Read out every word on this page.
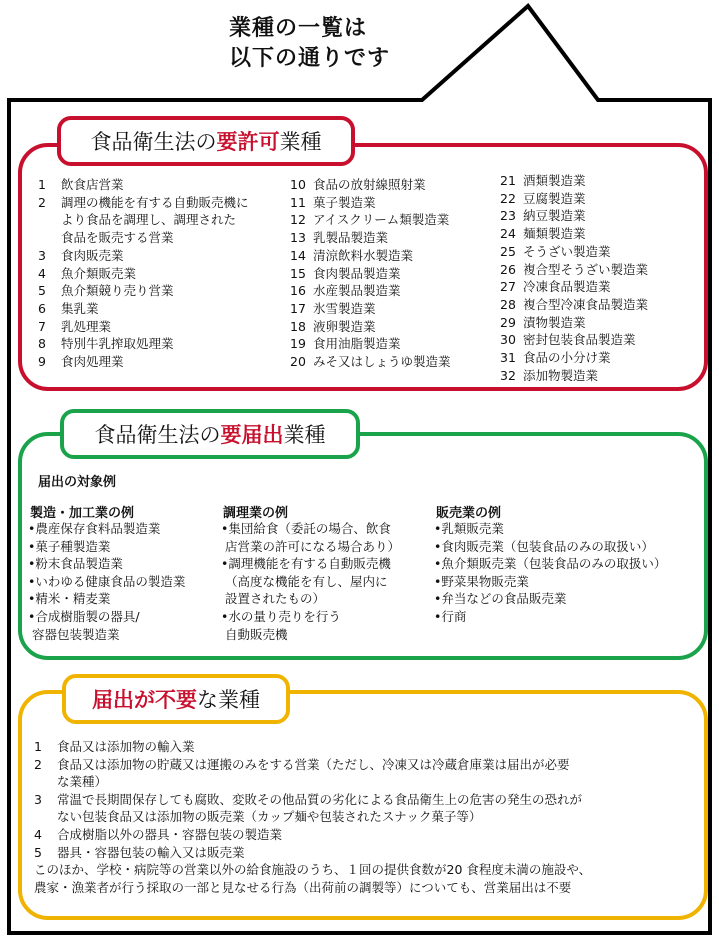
業種の一覧は
以下の通りです
食品衛生法の 要許可 業種
1	飲食店営業
2	調理の機能を有する自動販売機に
より食品を調理し、調理された
食品を販売する営業
3	食肉販売業
4	魚介類販売業
5	魚介類競り売り営業
6	集乳業
7	乳処理業
8	特別牛乳搾取処理業
9	食肉処理業
10 食品の放射線照射業
11 菓子製造業
12 アイスクリーム類製造業
13 乳製品製造業
14 清涼飲料水製造業
15 食肉製品製造業
16 水産製品製造業
17 氷雪製造業
18 液卵製造業
19 食用油脂製造業
20 みそ又はしょうゆ製造業
21 酒類製造業
22 豆腐製造業
23 納豆製造業
24 麺類製造業
25 そうざい製造業
26 複合型そうざい製造業
27 冷凍食品製造業
28 複合型冷凍食品製造業
29 漬物製造業
30 密封包装食品製造業
31 食品の小分け業
32 添加物製造業
食品衛生法の 要届出 業種
届出の対象例
製造・加工業の例
•農産保存食料品製造業
•菓子種製造業
•粉末食品製造業
•いわゆる健康食品の製造業
•精米・精麦業
•合成樹脂製の器具/
容器包装製造業
調理業の例
•集団給食（委託の場合、飲食
店営業の許可になる場合あり）
•調理機能を有する自動販売機
（高度な機能を有し、屋内に
設置されたもの）
•水の量り売りを行う
自動販売機
販売業の例
•乳類販売業
•食肉販売業（包装食品のみの取扱い）
•魚介類販売業（包装食品のみの取扱い）
•野菜果物販売業
•弁当などの食品販売業
•行商
届出が不要 な業種
1	食品又は添加物の輸入業
2	食品又は添加物の貯蔵又は運搬のみをする営業（ただし、冷凍又は冷蔵倉庫業は届出が必要
な業種）
3	常温で長期間保存しても腐敗、変敗その他品質の劣化による食品衛生上の危害の発生の恐れが
ない包装食品又は添加物の販売業（カップ麺や包装されたスナック菓子等）
4	合成樹脂以外の器具・容器包装の製造業
5	器具・容器包装の輸入又は販売業
このほか、学校・病院等の営業以外の給食施設のうち、１回の提供食数が20 食程度未満の施設や、
農家・漁業者が行う採取の一部と見なせる行為（出荷前の調製等）についても、営業届出は不要
